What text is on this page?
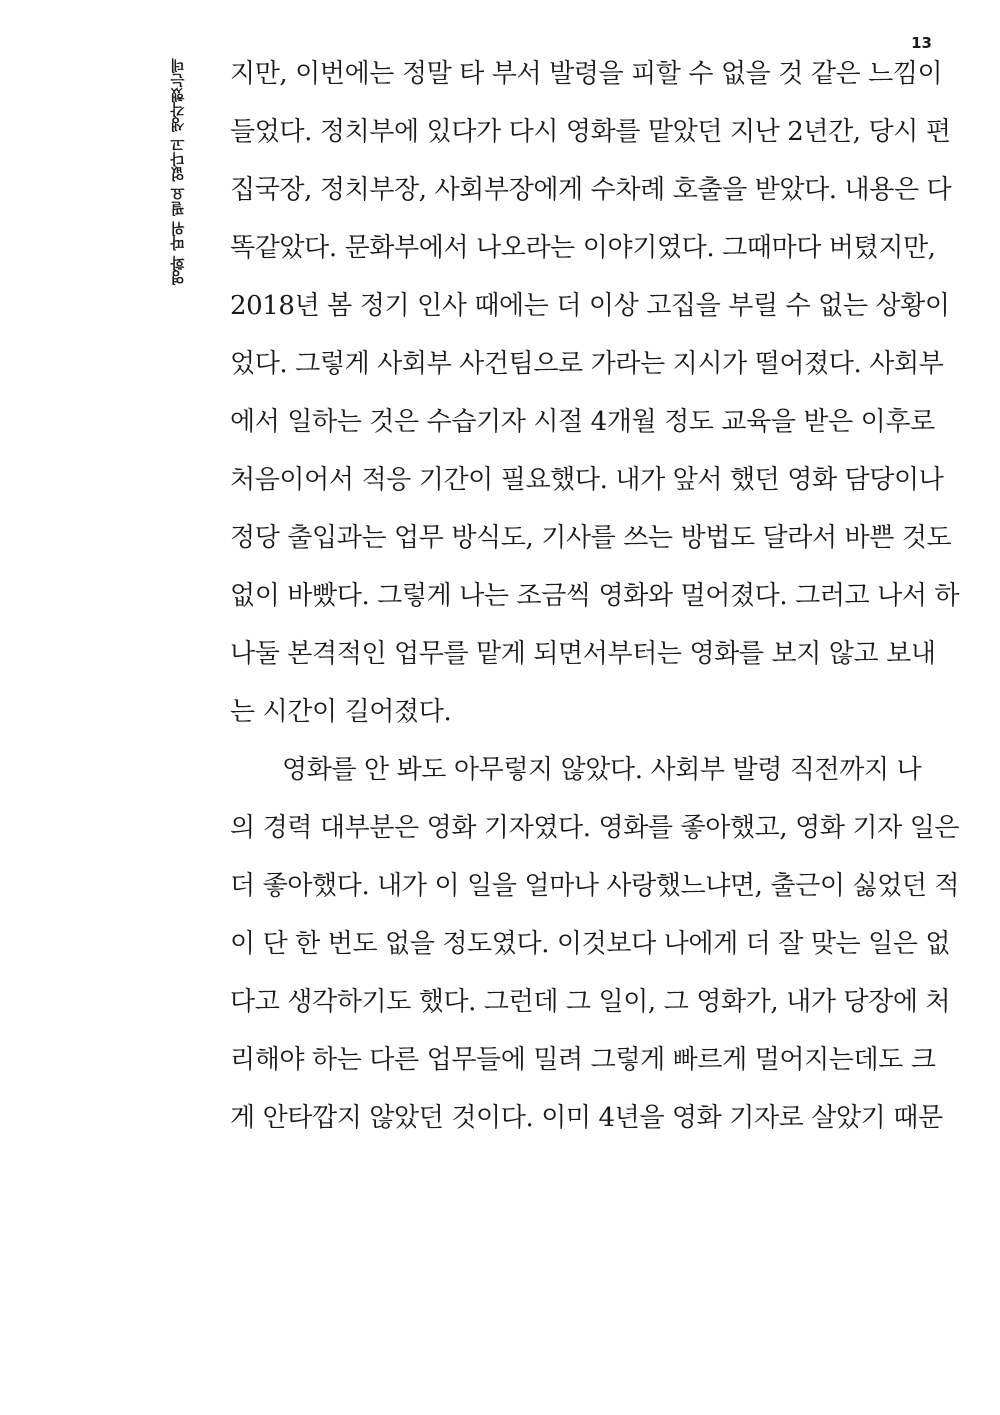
13
영화 따위 필요 없다고 생각했는데 지만, 이번에는 정말 타 부서 발령을 피할 수 없을 것 같은 느낌이
들었다. 정치부에 있다가 다시 영화를 맡았던 지난 2년간, 당시 편
집국장, 정치부장, 사회부장에게 수차례 호출을 받았다. 내용은 다
똑같았다. 문화부에서 나오라는 이야기였다. 그때마다 버텼지만,
2018년 봄 정기 인사 때에는 더 이상 고집을 부릴 수 없는 상황이
었다. 그렇게 사회부 사건팀으로 가라는 지시가 떨어졌다. 사회부
에서 일하는 것은 수습기자 시절 4개월 정도 교육을 받은 이후로
처음이어서 적응 기간이 필요했다. 내가 앞서 했던 영화 담당이나
정당 출입과는 업무 방식도, 기사를 쓰는 방법도 달라서 바쁜 것도
없이 바빴다. 그렇게 나는 조금씩 영화와 멀어졌다. 그러고 나서 하
나둘 본격적인 업무를 맡게 되면서부터는 영화를 보지 않고 보내
는 시간이 길어졌다.
영화를 안 봐도 아무렇지 않았다. 사회부 발령 직전까지 나
의 경력 대부분은 영화 기자였다. 영화를 좋아했고, 영화 기자 일은
더 좋아했다. 내가 이 일을 얼마나 사랑했느냐면, 출근이 싫었던 적
이 단 한 번도 없을 정도였다. 이것보다 나에게 더 잘 맞는 일은 없
다고 생각하기도 했다. 그런데 그 일이, 그 영화가, 내가 당장에 처
리해야 하는 다른 업무들에 밀려 그렇게 빠르게 멀어지는데도 크
게 안타깝지 않았던 것이다. 이미 4년을 영화 기자로 살았기 때문
